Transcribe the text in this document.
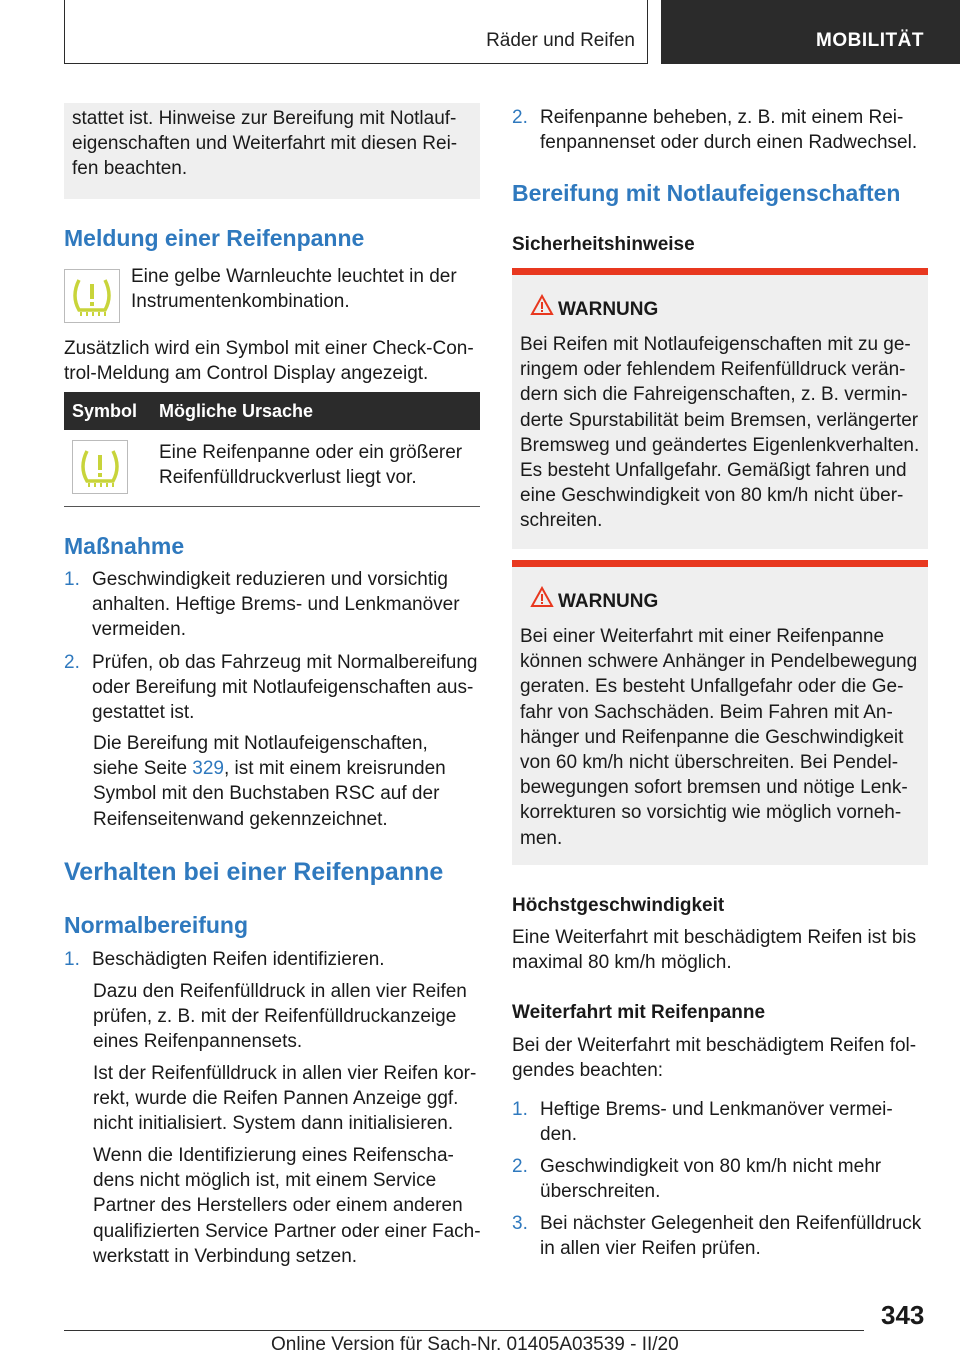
Räder und Reifen	MOBILITÄT
stattet ist. Hinweise zur Bereifung mit Notlauf-
eigenschaften und Weiterfahrt mit diesen Rei-
fen beachten.
Meldung einer Reifenpanne
Eine gelbe Warnleuchte leuchtet in der
Instrumentenkombination.
Zusätzlich wird ein Symbol mit einer Check-Con-
trol-Meldung am Control Display angezeigt.
Symbol Mögliche Ursache
Eine Reifenpanne oder ein größerer
Reifenfülldruckverlust liegt vor.
Maßnahme
1. Geschwindigkeit reduzieren und vorsichtig
anhalten. Heftige Brems- und Lenkmanöver
vermeiden.
2. Prüfen, ob das Fahrzeug mit Normalbereifung
oder Bereifung mit Notlaufeigenschaften aus-
gestattet ist.
Die Bereifung mit Notlaufeigenschaften,
siehe Seite 329, ist mit einem kreisrunden
Symbol mit den Buchstaben RSC auf der
Reifenseitenwand gekennzeichnet.
Verhalten bei einer Reifenpanne
Normalbereifung
1. Beschädigten Reifen identifizieren.
Dazu den Reifenfülldruck in allen vier Reifen
prüfen, z. B. mit der Reifenfülldruckanzeige
eines Reifenpannensets.
Ist der Reifenfülldruck in allen vier Reifen kor-
rekt, wurde die Reifen Pannen Anzeige ggf.
nicht initialisiert. System dann initialisieren.
Wenn die Identifizierung eines Reifenscha-
dens nicht möglich ist, mit einem Service
Partner des Herstellers oder einem anderen
qualifizierten Service Partner oder einer Fach-
werkstatt in Verbindung setzen.
2. Reifenpanne beheben, z. B. mit einem Rei-
fenpannenset oder durch einen Radwechsel.
Bereifung mit Notlaufeigenschaften
Sicherheitshinweise
WARNUNG
Bei Reifen mit Notlaufeigenschaften mit zu ge-
ringem oder fehlendem Reifenfülldruck verän-
dern sich die Fahreigenschaften, z. B. vermin-
derte Spurstabilität beim Bremsen, verlängerter
Bremsweg und geändertes Eigenlenkverhalten.
Es besteht Unfallgefahr. Gemäßigt fahren und
eine Geschwindigkeit von 80 km/h nicht über-
schreiten.
WARNUNG
Bei einer Weiterfahrt mit einer Reifenpanne
können schwere Anhänger in Pendelbewegung
geraten. Es besteht Unfallgefahr oder die Ge-
fahr von Sachschäden. Beim Fahren mit An-
hänger und Reifenpanne die Geschwindigkeit
von 60 km/h nicht überschreiten. Bei Pendel-
bewegungen sofort bremsen und nötige Lenk-
korrekturen so vorsichtig wie möglich vorneh-
men.
Höchstgeschwindigkeit
Eine Weiterfahrt mit beschädigtem Reifen ist bis
maximal 80 km/h möglich.
Weiterfahrt mit Reifenpanne
Bei der Weiterfahrt mit beschädigtem Reifen fol-
gendes beachten:
1. Heftige Brems- und Lenkmanöver vermei-
den.
2. Geschwindigkeit von 80 km/h nicht mehr
überschreiten.
3. Bei nächster Gelegenheit den Reifenfülldruck
in allen vier Reifen prüfen.
343
Online Version für Sach-Nr. 01405A03539 - II/20
